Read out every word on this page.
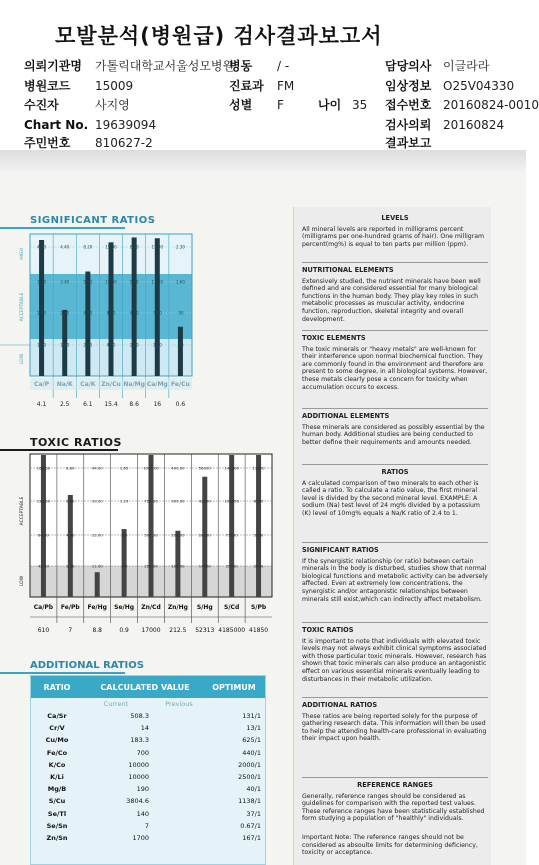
모발분석(병원급) 검사결과보고서
의뢰기관명 가톨릭대학교서울성모병원
병원코드 15009
수진자	사지영
Chart No. 19639094
주민번호 810627-2
병동 / -
진료과 FM
성별 F	나이 35
담당의사 이글라라
임상정보 O25V04330
접수번호 20160824-0010
검사의뢰 20160824
결과보고
SIGNIFICANT RATIOS
HIGH
ACCEPTABLE
LOW
4.00
3.50
2.60
1.50
4.1
4.40
3.40
2.40
1.40
2.5
8.20
5.20
4.20
2.20
6.1
15.00
12.00
8.00
4.00
15.4
8.00
5.80
4.20
2.60
8.6
15.00
11.00
7.00
3.00
16
2.30
1.60
.90
.20
0.6
TOXIC RATIOS
ACCEPTABLE
LOW
168.00
126.00
84.00
42.00
Ca/Pb
610
8.80
6.60
4.40
2.20
Fe/Pb
7
44.00
33.00
22.00
11.00
Fe/Hg
8.8
1.65
1.23
.83
.40
Se/Hg
0.9
1000.00
750.00
500.00
250.00
Zn/Cd
17000
400.00
300.00
200.00
100.00
Zn/Hg
212.5
56000
42000
28000
14000
S/Hg
52313
142200
106650
71100
35550
S/Cd
4185000
11000
8250
5500
2650
S/Pb
41850
ADDITIONAL RATIOS
RATIO	CALCULATED VALUE	OPTIMUM
Current	Previous
Ca/Sr	508.3	131/1
Cr/V	14	13/1
Cu/Mo	183.3	625/1
Fe/Co	700	440/1
K/Co	10000	2000/1
K/Li	10000	2500/1
Mg/B	190	40/1
S/Cu	3804.6	1138/1
Se/Tl	140	37/1
Se/Sn	7	0.67/1
Zn/Sn	1700	167/1
LEVELS
All mineral levels are reported in milligrams percent (milligrams per one-hundred grams of hair). One milligram percent(mg%) is equal to ten parts per million (ppm).
NUTRITIONAL ELEMENTS
Extensively studied, the nutrient minerals have been well defined and are considered essential for many biological functions in the human body. They play key roles in such metabolic processes as muscular activity, endocrine function, reproduction, skeletal integrity and overall development.
TOXIC ELEMENTS
The toxic minerals or "heavy metals" are well-known for their interference upon normal biochemical function. They are commonly found in the environment and therefore are present to some degree, in all biological systems. However, these metals clearly pose a concern for toxicity when accumulation occurs to excess.
ADDITIONAL ELEMENTS
These minerals are considered as possibly essential by the human body. Additional studies are being conducted to better define their requirements and amounts needed.
RATIOS
A calculated comparison of two minerals to each other is called a ratio. To calculate a ratio value, the first mineral level is divided by the second mineral level. EXAMPLE: A sodium (Na) test level of 24 mg% divided by a potassium (K) level of 10mg% equals a Na/K ratio of 2.4 to 1.
SIGNIFICANT RATIOS
If the synergistic relationship (or ratio) between certain minerals in the body is disturbed, studies show that normal biological functions and metabolic activity can be adversely affected. Even at extremely low concentrations, the synergistic and/or antagonistic relationships between minerals still exist,which can indirectly affect metabolism.
TOXIC RATIOS
It is important to note that individuals with elevated toxic levels may not always exhibit clinical symptoms associated with those particular toxic minerals. However, research has shown that toxic minerals can also produce an antagonistic effect on various essential minerals eventually leading to disturbances in their metabolic utilization.
ADDITIONAL RATIOS
These ratios are being reported solely for the purpose of gathering research data. This information will then be used to help the attending health-care professional in evaluating their impact upon health.
REFERENCE RANGES
Generally, reference ranges should be considered as guidelines for comparison with the reported test values. These reference ranges have been statistically established form studying a population of "healthly" individuals.
Important Note: The reference ranges should not be considered as absoulte limits for determining deficiency, toxicity or acceptance.
